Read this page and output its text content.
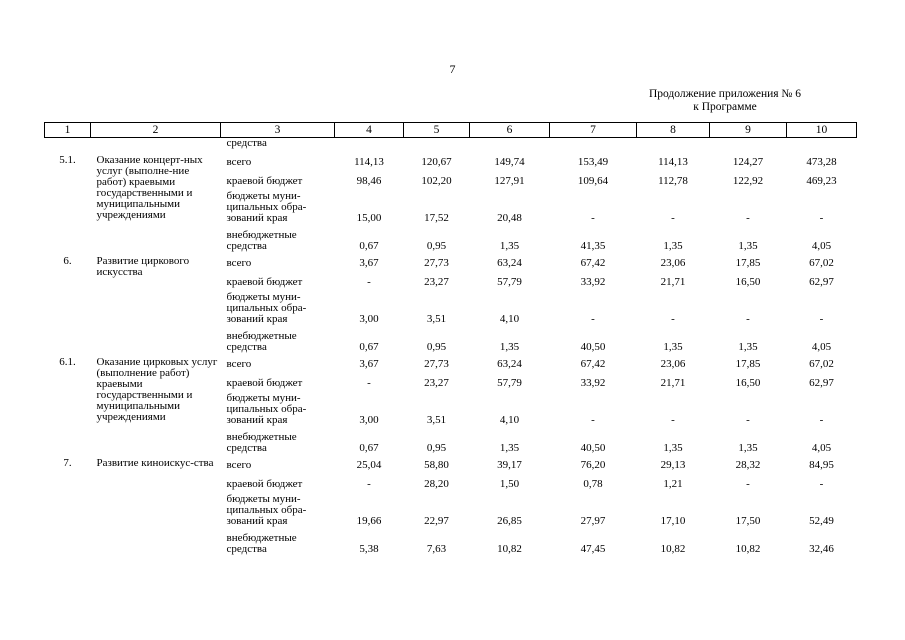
7
Продолжение приложения № 6
к Программе
1	2	3	4	5	6	7	8	9	10
		средства							
5.1.	Оказание концерт-ных услуг (выполне-ние работ) краевыми государственными и муниципальными учреждениями	всего	114,13	120,67	149,74	153,49	114,13	124,27	473,28
		краевой бюджет	98,46	102,20	127,91	109,64	112,78	122,92	469,23
		бюджеты муни-ципальных обра-зований края	15,00	17,52	20,48	-	-	-	-
		внебюджетные средства	0,67	0,95	1,35	41,35	1,35	1,35	4,05
6.	Развитие циркового искусства	всего	3,67	27,73	63,24	67,42	23,06	17,85	67,02
		краевой бюджет	-	23,27	57,79	33,92	21,71	16,50	62,97
		бюджеты муни-ципальных обра-зований края	3,00	3,51	4,10	-	-	-	-
		внебюджетные средства	0,67	0,95	1,35	40,50	1,35	1,35	4,05
6.1.	Оказание цирковых услуг (выполнение работ) краевыми государственными и муниципальными учреждениями	всего	3,67	27,73	63,24	67,42	23,06	17,85	67,02
		краевой бюджет	-	23,27	57,79	33,92	21,71	16,50	62,97
		бюджеты муни-ципальных обра-зований края	3,00	3,51	4,10	-	-	-	-
		внебюджетные средства	0,67	0,95	1,35	40,50	1,35	1,35	4,05
7.	Развитие киноискус-ства	всего	25,04	58,80	39,17	76,20	29,13	28,32	84,95
		краевой бюджет	-	28,20	1,50	0,78	1,21	-	-
		бюджеты муни-ципальных обра-зований края	19,66	22,97	26,85	27,97	17,10	17,50	52,49
		внебюджетные средства	5,38	7,63	10,82	47,45	10,82	10,82	32,46
